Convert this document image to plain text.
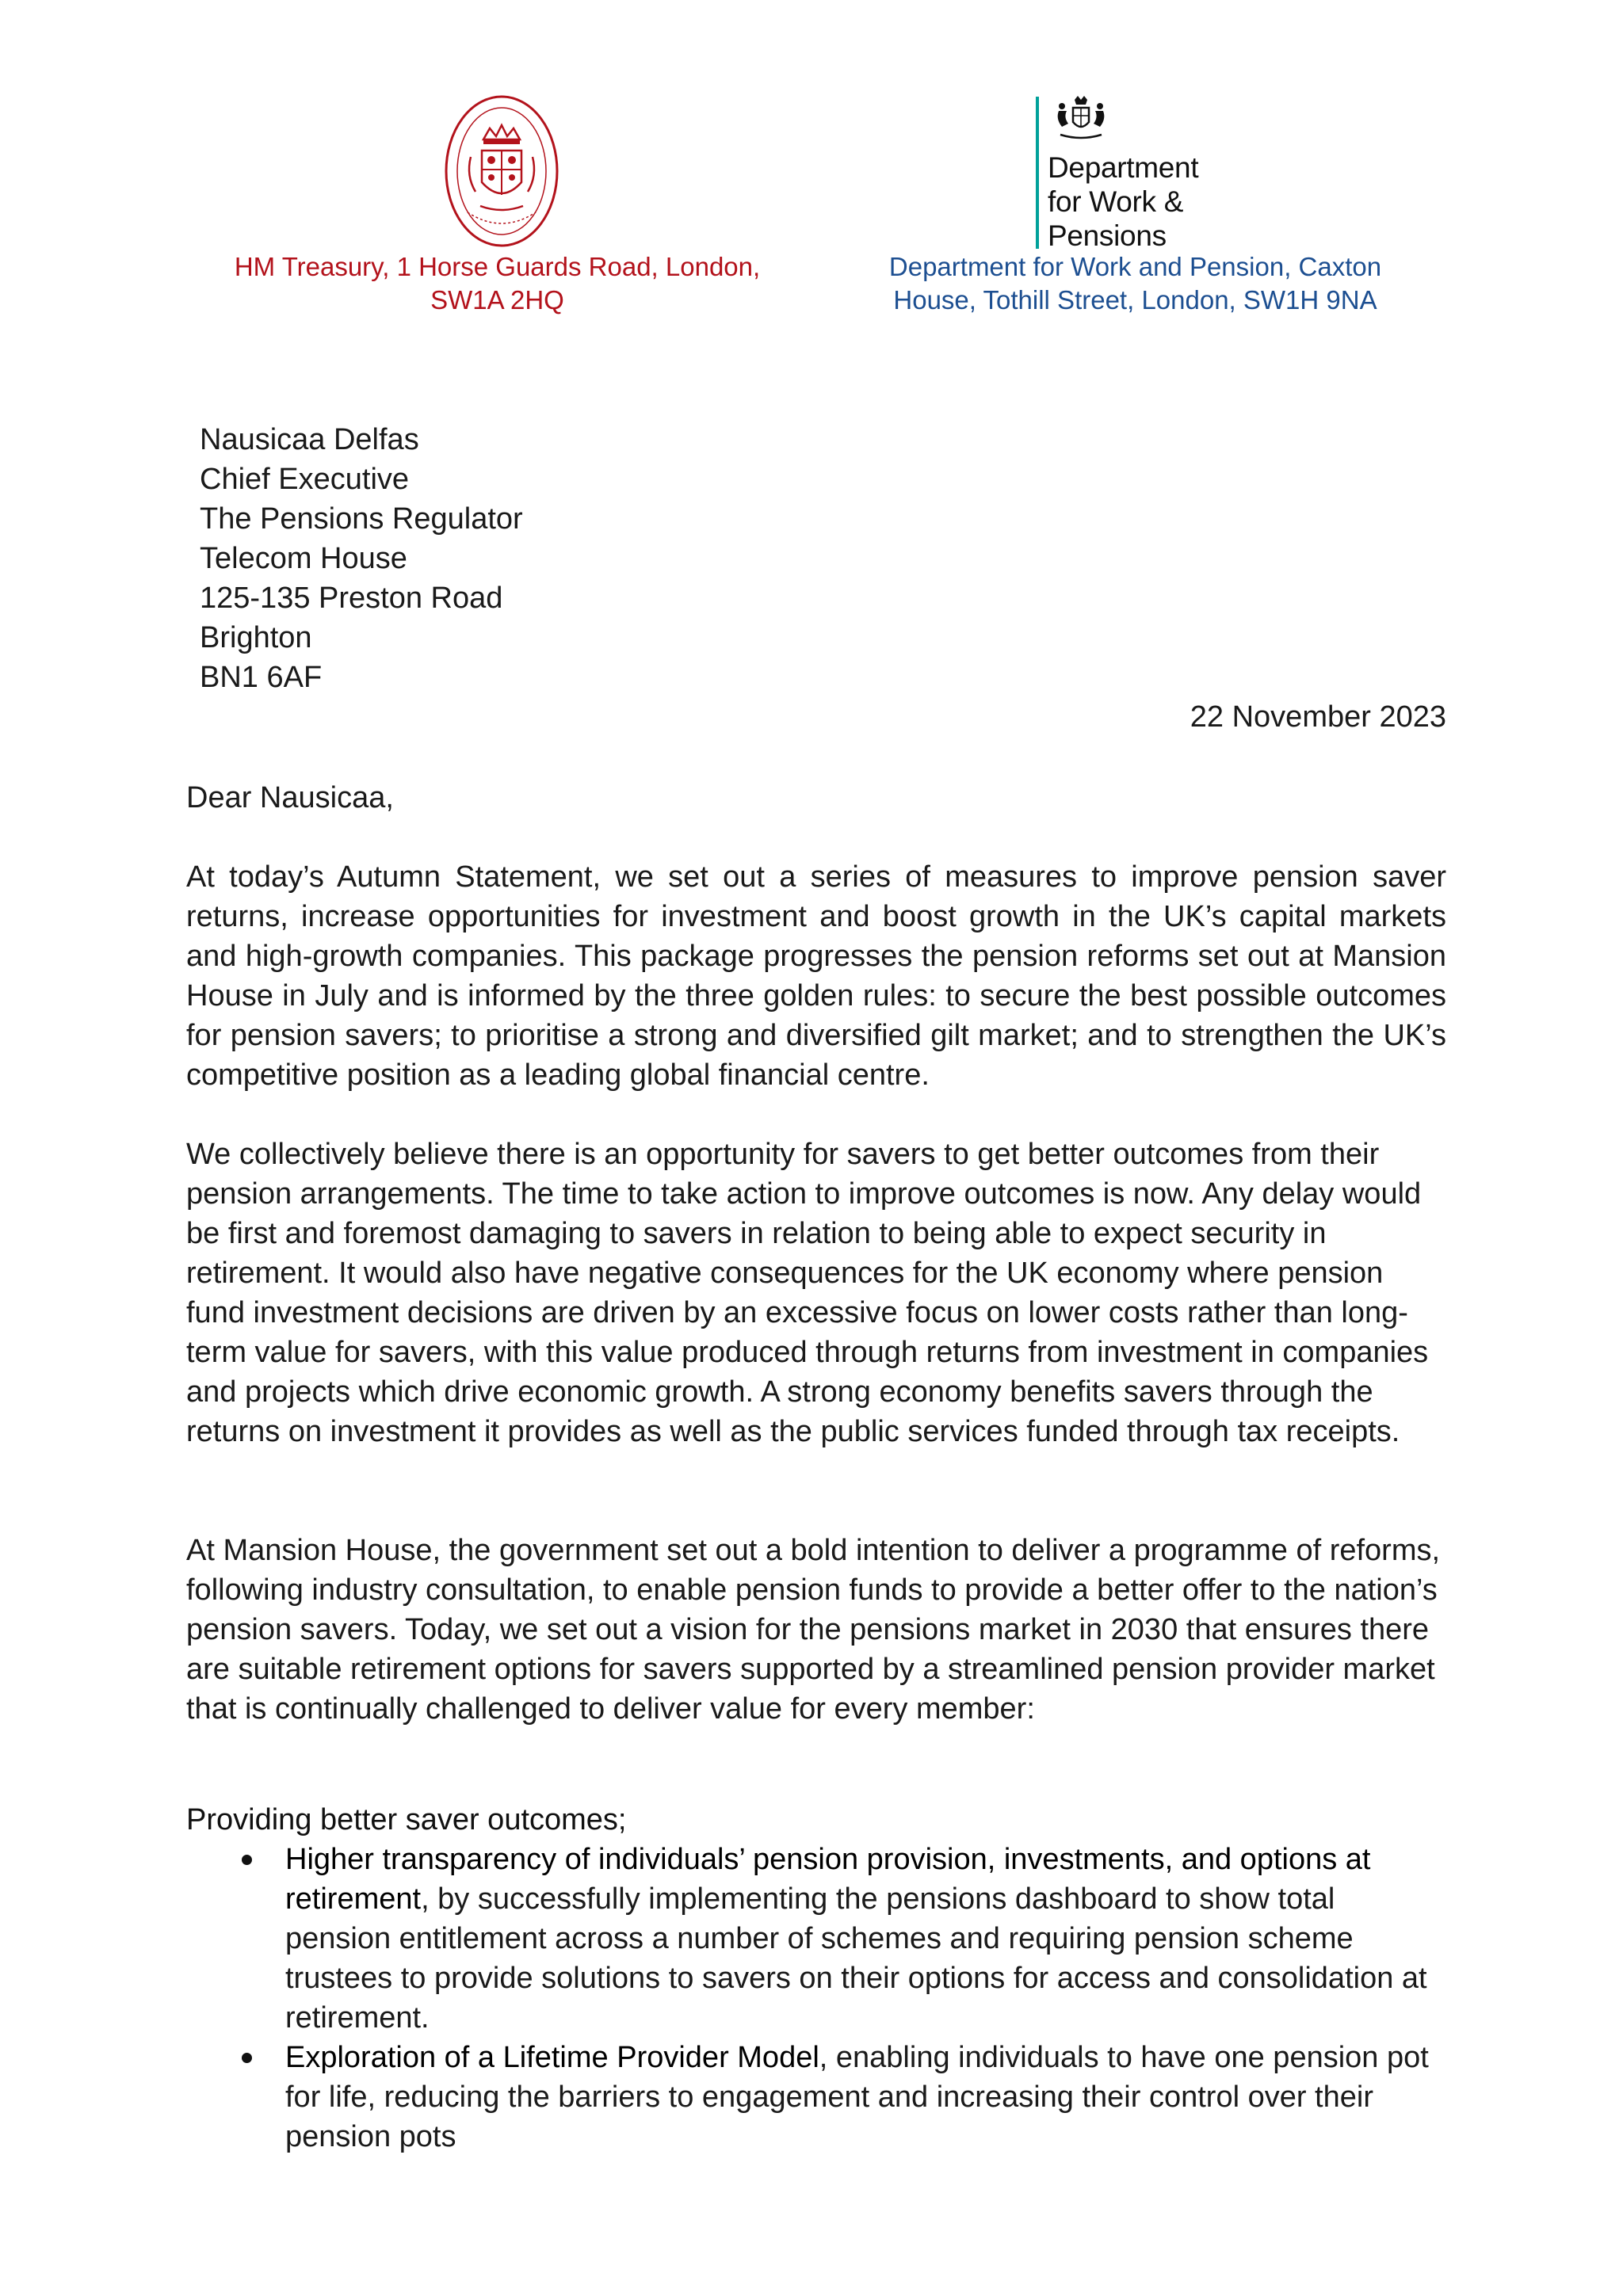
HM Treasury, 1 Horse Guards Road, London,
SW1A 2HQ
Department
for Work &
Pensions
Department for Work and Pension, Caxton
House, Tothill Street, London, SW1H 9NA
Nausicaa Delfas
Chief Executive
The Pensions Regulator
Telecom House
125-135 Preston Road
Brighton
BN1 6AF
22 November 2023
Dear Nausicaa,

At today’s Autumn Statement, we set out a series of measures to improve pension saver returns, increase opportunities for investment and boost growth in the UK’s capital markets and high-growth companies. This package progresses the pension reforms set out at Mansion House in July and is informed by the three golden rules: to secure the best possible outcomes for pension savers; to prioritise a strong and diversified gilt market; and to strengthen the UK’s competitive position as a leading global financial centre.

We collectively believe there is an opportunity for savers to get better outcomes from their pension arrangements. The time to take action to improve outcomes is now. Any delay would be first and foremost damaging to savers in relation to being able to expect security in retirement. It would also have negative consequences for the UK economy where pension fund investment decisions are driven by an excessive focus on lower costs rather than long-term value for savers, with this value produced through returns from investment in companies and projects which drive economic growth. A strong economy benefits savers through the returns on investment it provides as well as the public services funded through tax receipts.

At Mansion House, the government set out a bold intention to deliver a programme of reforms, following industry consultation, to enable pension funds to provide a better offer to the nation’s pension savers. Today, we set out a vision for the pensions market in 2030 that ensures there are suitable retirement options for savers supported by a streamlined pension provider market that is continually challenged to deliver value for every member:

Providing better saver outcomes;
Higher transparency of individuals’ pension provision, investments, and options at retirement, by successfully implementing the pensions dashboard to show total pension entitlement across a number of schemes and requiring pension scheme trustees to provide solutions to savers on their options for access and consolidation at retirement.
Exploration of a Lifetime Provider Model, enabling individuals to have one pension pot for life, reducing the barriers to engagement and increasing their control over their pension pots
